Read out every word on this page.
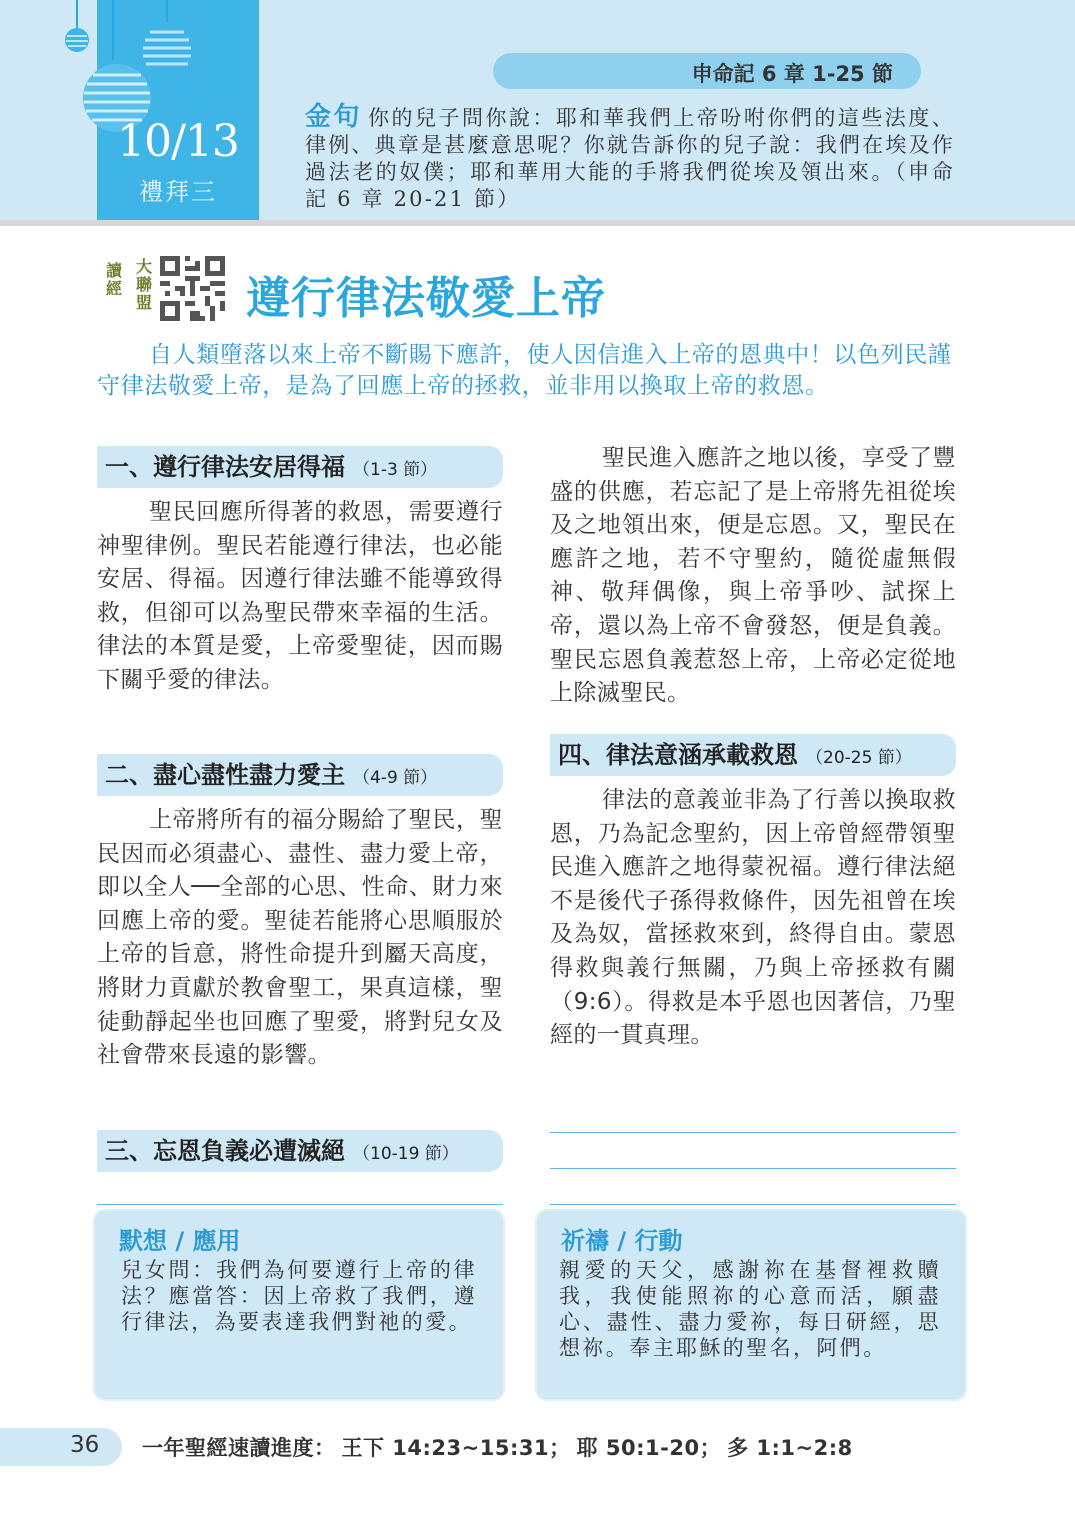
10/13
禮拜三
申命記 6 章 1-25 節
金句 你的兒子問你說：耶和華我們上帝吩咐你們的這些法度、律例、典章是甚麼意思呢？你就告訴你的兒子說：我們在埃及作過法老的奴僕；耶和華用大能的手將我們從埃及領出來。（申命記 6 章 20-21 節）
讀經
大聯盟 遵行律法敬愛上帝
自人類墮落以來上帝不斷賜下應許，使人因信進入上帝的恩典中！以色列民謹守律法敬愛上帝，是為了回應上帝的拯救，並非用以換取上帝的救恩。
一、遵行律法安居得福 （1-3 節）
聖民回應所得著的救恩，需要遵行神聖律例。聖民若能遵行律法，也必能安居、得福。因遵行律法雖不能導致得救，但卻可以為聖民帶來幸福的生活。律法的本質是愛，上帝愛聖徒，因而賜下關乎愛的律法。
二、盡心盡性盡力愛主 （4-9 節）
上帝將所有的福分賜給了聖民，聖民因而必須盡心、盡性、盡力愛上帝，即以全人──全部的心思、性命、財力來回應上帝的愛。聖徒若能將心思順服於上帝的旨意，將性命提升到屬天高度，將財力貢獻於教會聖工，果真這樣，聖徒動靜起坐也回應了聖愛，將對兒女及社會帶來長遠的影響。
三、忘恩負義必遭滅絕 （10-19 節）
聖民進入應許之地以後，享受了豐盛的供應，若忘記了是上帝將先祖從埃及之地領出來，便是忘恩。又，聖民在應許之地，若不守聖約，隨從虛無假神、敬拜偶像，與上帝爭吵、試探上帝，還以為上帝不會發怒，便是負義。聖民忘恩負義惹怒上帝，上帝必定從地上除滅聖民。
四、律法意涵承載救恩 （20-25 節）
律法的意義並非為了行善以換取救恩，乃為記念聖約，因上帝曾經帶領聖民進入應許之地得蒙祝福。遵行律法絕不是後代子孫得救條件，因先祖曾在埃及為奴，當拯救來到，終得自由。蒙恩得救與義行無關，乃與上帝拯救有關（9:6）。得救是本乎恩也因著信，乃聖經的一貫真理。
默想 / 應用
兒女問：我們為何要遵行上帝的律法？應當答：因上帝救了我們，遵行律法，為要表達我們對祂的愛。
祈禱 / 行動
親愛的天父，感謝祢在基督裡救贖我，我使能照祢的心意而活，願盡心、盡性、盡力愛祢，每日研經，思想祢。奉主耶穌的聖名，阿們。
36 一年聖經速讀進度： 王下 14:23~15:31； 耶 50:1-20； 多 1:1~2:8
